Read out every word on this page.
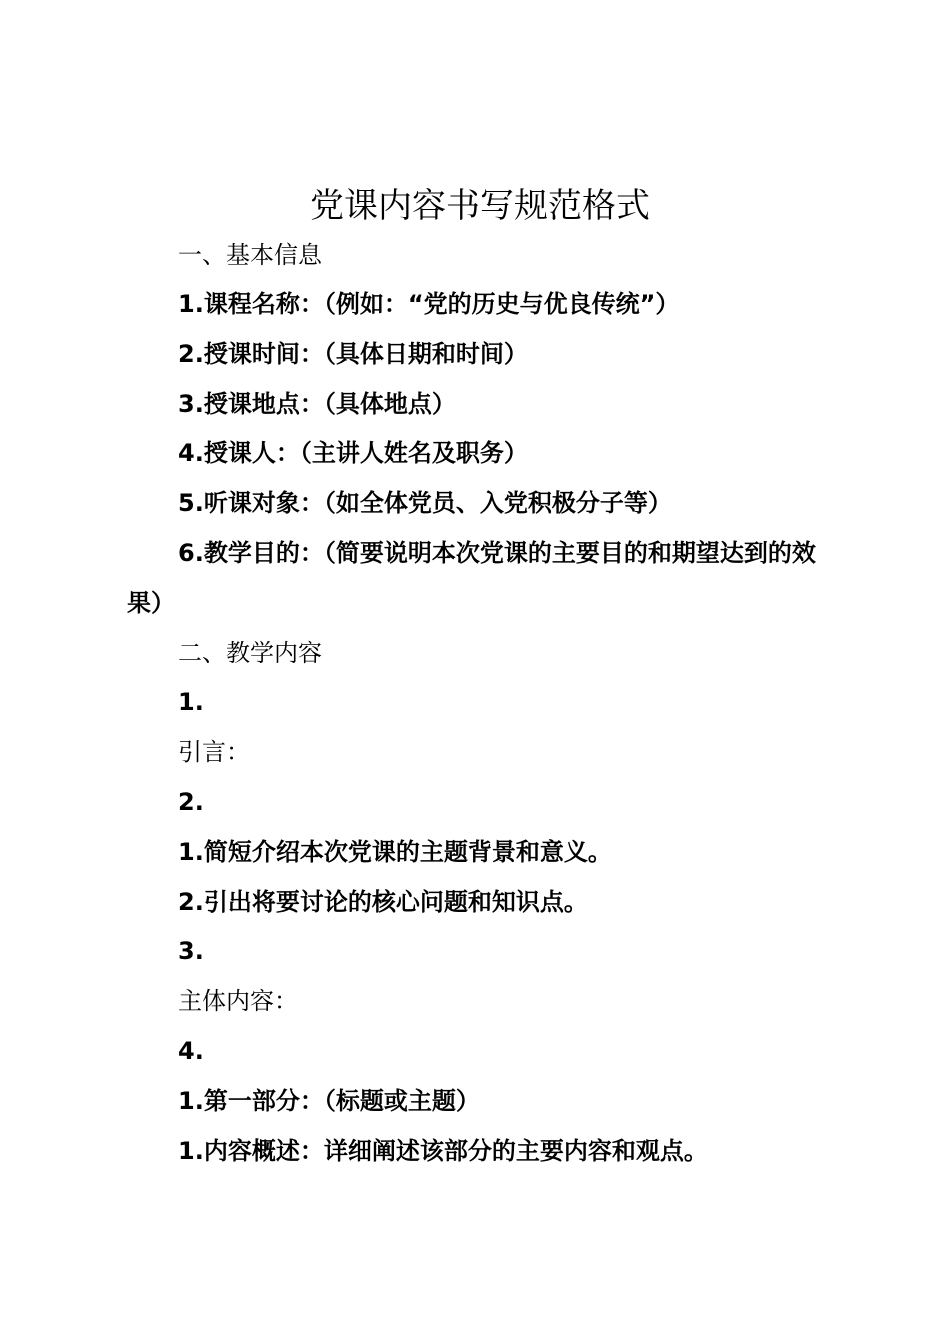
党课内容书写规范格式

一、基本信息

1.课程名称：（例如：“党的历史与优良传统”）

2.授课时间：（具体日期和时间）

3.授课地点：（具体地点）

4.授课人：（主讲人姓名及职务）

5.听课对象：（如全体党员、入党积极分子等）

6.教学目的：（简要说明本次党课的主要目的和期望达到的效果）

二、教学内容

1.

引言：

2.

1.简短介绍本次党课的主题背景和意义。

2.引出将要讨论的核心问题和知识点。

3.

主体内容：

4.

1.第一部分：（标题或主题）

1.内容概述：详细阐述该部分的主要内容和观点。
